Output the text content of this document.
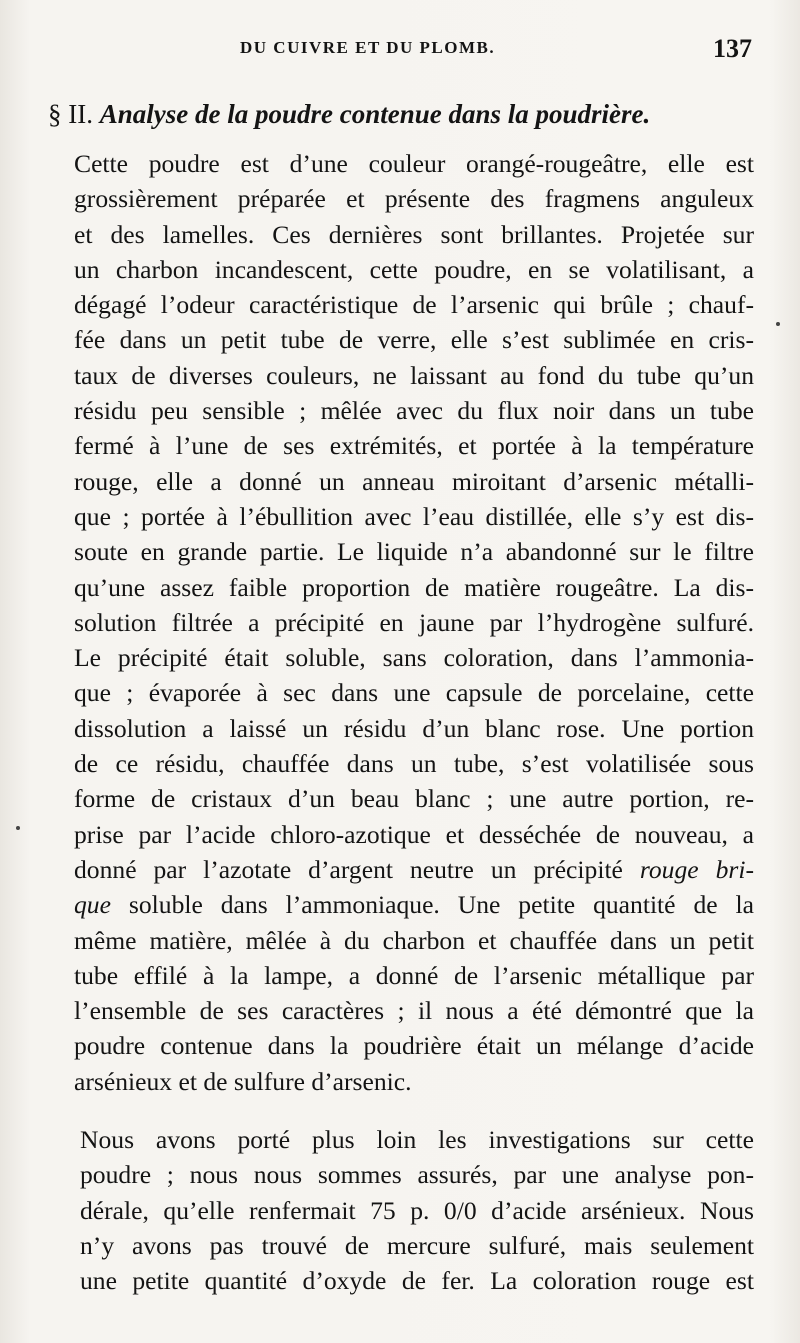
DU CUIVRE ET DU PLOMB.	137
§ II. Analyse de la poudre contenue dans la poudrière.
Cette poudre est d’une couleur orangé-rougeâtre, elle est
grossièrement préparée et présente des fragmens anguleux
et des lamelles. Ces dernières sont brillantes. Projetée sur
un charbon incandescent, cette poudre, en se volatilisant, a
dégagé l’odeur caractéristique de l’arsenic qui brûle ; chauf-
fée dans un petit tube de verre, elle s’est sublimée en cris-
taux de diverses couleurs, ne laissant au fond du tube qu’un
résidu peu sensible ; mêlée avec du flux noir dans un tube
fermé à l’une de ses extrémités, et portée à la température
rouge, elle a donné un anneau miroitant d’arsenic métalli-
que ; portée à l’ébullition avec l’eau distillée, elle s’y est dis-
soute en grande partie. Le liquide n’a abandonné sur le filtre
qu’une assez faible proportion de matière rougeâtre. La dis-
solution filtrée a précipité en jaune par l’hydrogène sulfuré.
Le précipité était soluble, sans coloration, dans l’ammonia-
que ; évaporée à sec dans une capsule de porcelaine, cette
dissolution a laissé un résidu d’un blanc rose. Une portion
de ce résidu, chauffée dans un tube, s’est volatilisée sous
forme de cristaux d’un beau blanc ; une autre portion, re-
prise par l’acide chloro-azotique et desséchée de nouveau, a
donné par l’azotate d’argent neutre un précipité rouge bri-
que soluble dans l’ammoniaque. Une petite quantité de la
même matière, mêlée à du charbon et chauffée dans un petit
tube effilé à la lampe, a donné de l’arsenic métallique par
l’ensemble de ses caractères ; il nous a été démontré que la
poudre contenue dans la poudrière était un mélange d’acide
arsénieux et de sulfure d’arsenic.
Nous avons porté plus loin les investigations sur cette
poudre ; nous nous sommes assurés, par une analyse pon-
dérale, qu’elle renfermait 75 p. 0/0 d’acide arsénieux. Nous
n’y avons pas trouvé de mercure sulfuré, mais seulement
une petite quantité d’oxyde de fer. La coloration rouge est
